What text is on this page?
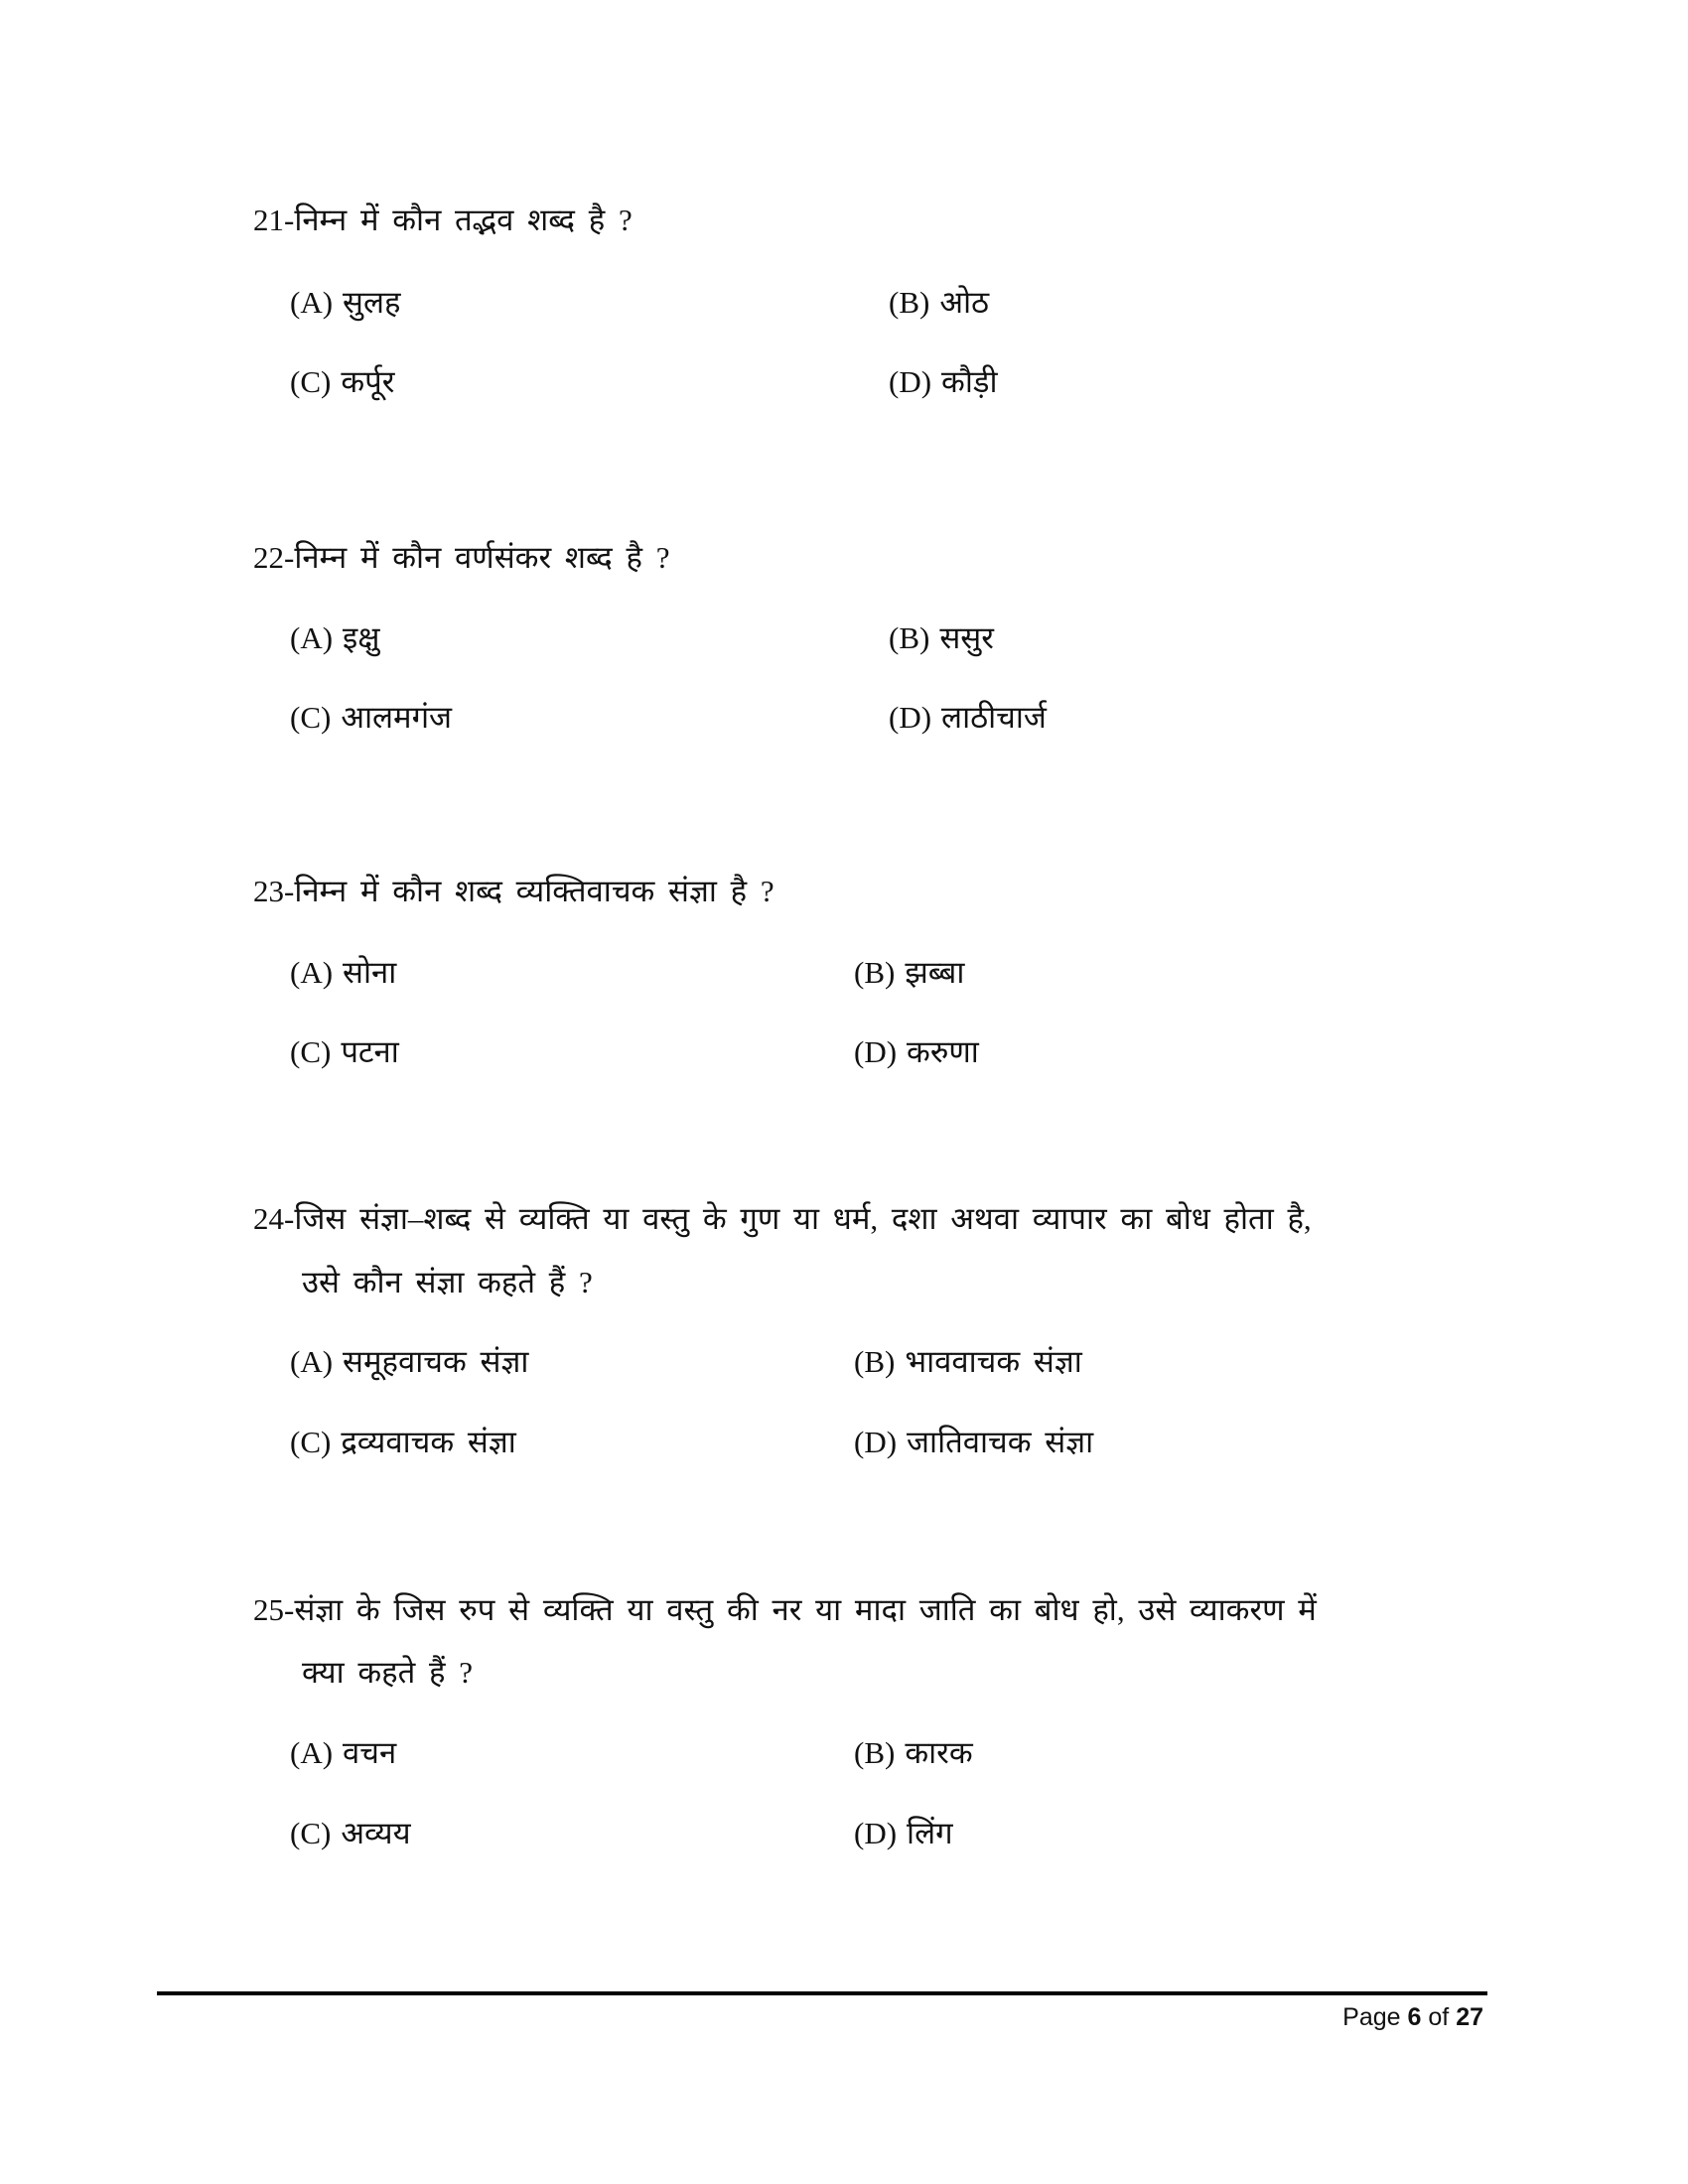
21-निम्न में कौन तद्भव शब्द है ?
(A) सुलह	(B) ओठ
(C) कर्पूर	(D) कौड़ी
22-निम्न में कौन वर्णसंकर शब्द है ?
(A) इक्षु	(B) ससुर
(C) आलमगंज	(D) लाठीचार्ज
23-निम्न में कौन शब्द व्यक्तिवाचक संज्ञा है ?
(A) सोना	(B) झब्बा
(C) पटना	(D) करुणा
24-जिस संज्ञा–शब्द से व्यक्ति या वस्तु के गुण या धर्म, दशा अथवा व्यापार का बोध होता है,
उसे कौन संज्ञा कहते हैं ?
(A) समूहवाचक संज्ञा	(B) भाववाचक संज्ञा
(C) द्रव्यवाचक संज्ञा	(D) जातिवाचक संज्ञा
25-संज्ञा के जिस रुप से व्यक्ति या वस्तु की नर या मादा जाति का बोध हो, उसे व्याकरण में
क्या कहते हैं ?
(A) वचन	(B) कारक
(C) अव्यय	(D) लिंग
Page 6 of 27
